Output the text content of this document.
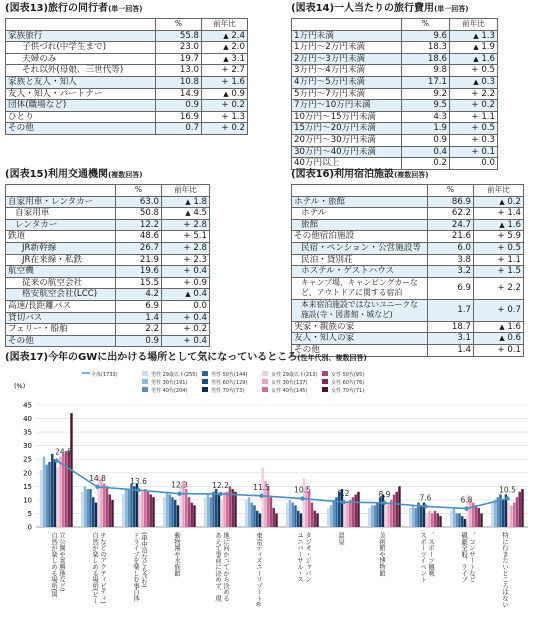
(図表13)旅行の同行者(単一回答)
	%	前年比
家族旅行	55.8	▲ 2.4
子供づれ(中学生まで)	23.0	▲ 2.0
夫婦のみ	19.7	▲ 3.1
それ以外(母娘、三世代等)	13.0	+ 2.7
家族と友人・知人	10.8	+ 1.6
友人・知人・パートナー	14.9	▲ 0.9
団体(職場など)	0.9	+ 0.2
ひとり	16.9	+ 1.3
その他	0.7	+ 0.2
(図表14)一人当たりの旅行費用(単一回答)
	%	前年比
1万円未満	9.6	▲ 1.3
1万円～2万円未満	18.3	▲ 1.9
2万円～3万円未満	18.6	▲ 1.6
3万円～4万円未満	9.8	+ 0.5
4万円～5万円未満	17.1	▲ 0.3
5万円～7万円未満	9.2	+ 2.2
7万円～10万円未満	9.5	+ 0.2
10万円～15万円未満	4.3	+ 1.1
15万円～20万円未満	1.9	+ 0.5
20万円～30万円未満	0.9	+ 0.3
30万円～40万円未満	0.4	+ 0.1
40万円以上	0.2	0.0
(図表15)利用交通機関(複数回答)
	%	前年比
自家用車・レンタカー	63.0	▲ 1.8
自家用車	50.8	▲ 4.5
レンタカー	12.2	+ 2.8
鉄道	48.6	+ 5.1
JR新幹線	26.7	+ 2.8
JR在来線・私鉄	21.9	+ 2.3
航空機	19.6	+ 0.4
従来の航空会社	15.5	+ 0.9
格安航空会社(LCC)	4.2	▲ 0.4
高速/長距離バス	6.9	0.0
貸切バス	1.4	+ 0.4
フェリー・船舶	2.2	+ 0.2
その他	0.9	+ 0.4
(図表16)利用宿泊施設(複数回答)
	%	前年比
ホテル・旅館	86.9	▲ 0.2
ホテル	62.2	+ 1.4
旅館	24.7	▲ 1.6
その他宿泊施設	21.6	+ 5.9
民宿・ペンション・公営施設等	6.0	+ 0.5
民泊・貸別荘	3.8	+ 1.1
ホステル・ゲストハウス	3.2	+ 1.5
キャンプ場、キャンピングカーなど、アウトドアに関する宿泊	6.9	+ 2.2
本来宿泊施設ではないユニークな施設(寺・図書館・城など)	1.7	+ 0.7
実家・親族の家	18.7	▲ 1.6
友人・知人の家	3.1	▲ 0.6
その他	1.4	+ 0.1
(図表17)今年のGWに出かける場所として気になっているところ(性年代別、複数回答)
(%)
0
5
10
15
20
25
30
35
40
45
24.5
14.8	13.6	12.3	12.2	11.5	10.5	9.2	8.9	7.6	6.8
10.5
全体(1733)	男性 29歳以下(255)
男性 30代(191)
男性 40代(204)
男性 50代(144)
男性 60代(129)
男性 70代(73)
女性 29歳以下(213)
女性 30代(137)
女性 40代(145)
女性 50代(95)
女性 60代(76)
女性 70代(71)
自然が楽しめる場所(国 立公園や景勝地など)	自然が楽しめる場所(ビー チなどのアクティビティ)	ドライブを楽しむ事自体 (車中泊なども含む)	動物園や水族館	あえて事前に決めず、現 地に向かってから決める	東京ディズニーリゾート®	ユニバーサル・ス タジオ・ジャパン	温泉	美術館や博物館	スポーツイベント 、スポーツ観戦	観劇全般、ライブ 、コンサートなど	特に行きたいところはない
